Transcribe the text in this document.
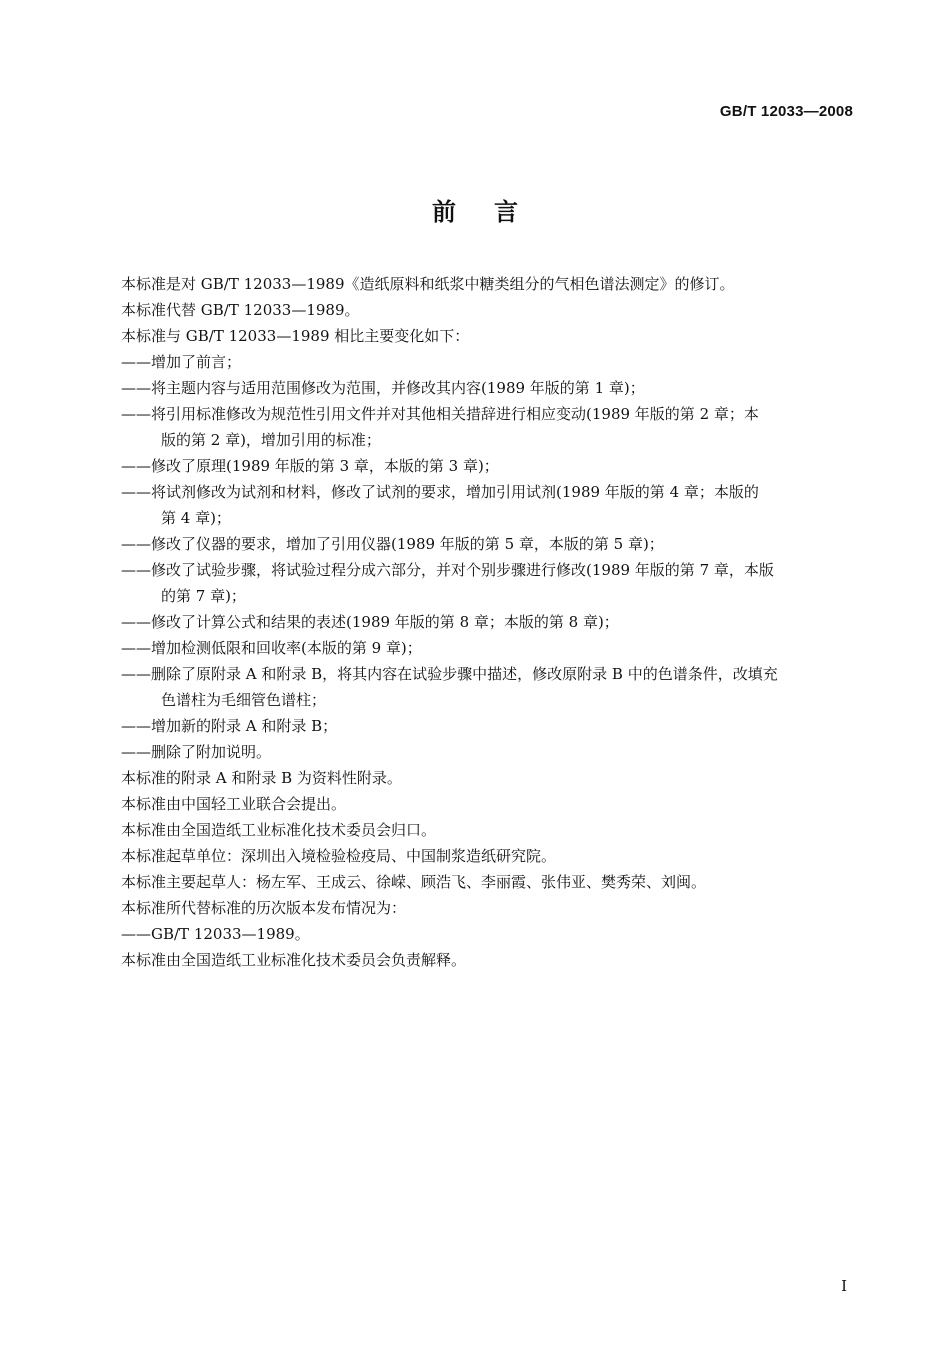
GB/T 12033—2008
前言
本标准是对 GB/T 12033—1989《造纸原料和纸浆中糖类组分的气相色谱法测定》的修订。
本标准代替 GB/T 12033—1989。
本标准与 GB/T 12033—1989 相比主要变化如下：
——增加了前言；
——将主题内容与适用范围修改为范围，并修改其内容(1989 年版的第 1 章)；
——将引用标准修改为规范性引用文件并对其他相关措辞进行相应变动(1989 年版的第 2 章；本
版的第 2 章)，增加引用的标准；
——修改了原理(1989 年版的第 3 章，本版的第 3 章)；
——将试剂修改为试剂和材料，修改了试剂的要求，增加引用试剂(1989 年版的第 4 章；本版的
第 4 章)；
——修改了仪器的要求，增加了引用仪器(1989 年版的第 5 章，本版的第 5 章)；
——修改了试验步骤，将试验过程分成六部分，并对个别步骤进行修改(1989 年版的第 7 章，本版
的第 7 章)；
——修改了计算公式和结果的表述(1989 年版的第 8 章；本版的第 8 章)；
——增加检测低限和回收率(本版的第 9 章)；
——删除了原附录 A 和附录 B，将其内容在试验步骤中描述，修改原附录 B 中的色谱条件，改填充
色谱柱为毛细管色谱柱；
——增加新的附录 A 和附录 B；
——删除了附加说明。
本标准的附录 A 和附录 B 为资料性附录。
本标准由中国轻工业联合会提出。
本标准由全国造纸工业标准化技术委员会归口。
本标准起草单位：深圳出入境检验检疫局、中国制浆造纸研究院。
本标准主要起草人：杨左军、王成云、徐嵘、顾浩飞、李丽霞、张伟亚、樊秀荣、刘闽。
本标准所代替标准的历次版本发布情况为：
——GB/T 12033—1989。
本标准由全国造纸工业标准化技术委员会负责解释。
I
